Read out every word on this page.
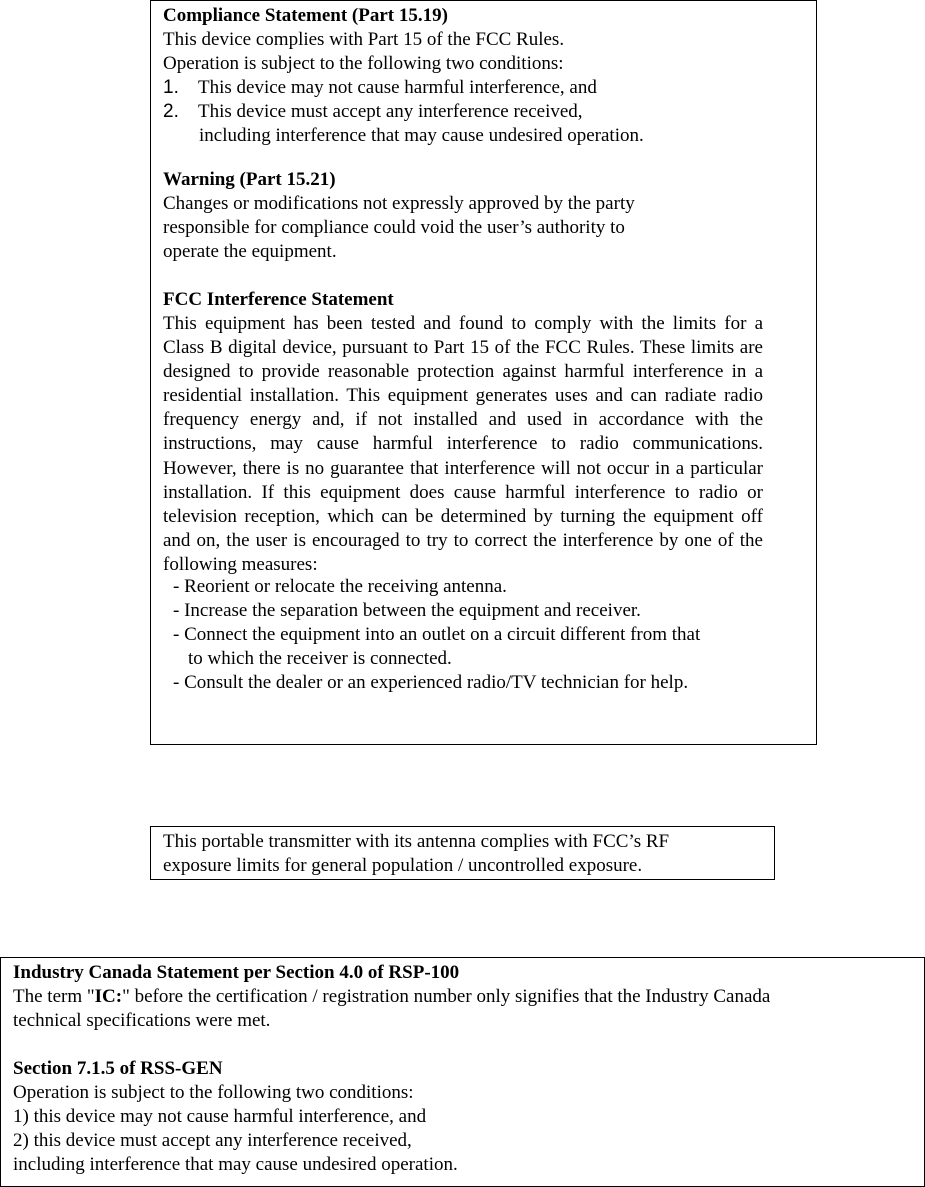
Compliance Statement (Part 15.19)
This device complies with Part 15 of the FCC Rules.
Operation is subject to the following two conditions:
1. This device may not cause harmful interference, and
2. This device must accept any interference received,
including interference that may cause undesired operation.
Warning (Part 15.21)
Changes or modifications not expressly approved by the party
responsible for compliance could void the user’s authority to
operate the equipment.
FCC Interference Statement
This equipment has been tested and found to comply with the limits for a Class B digital device, pursuant to Part 15 of the FCC Rules. These limits are designed to provide reasonable protection against harmful interference in a residential installation. This equipment generates uses and can radiate radio frequency energy and, if not installed and used in accordance with the instructions, may cause harmful interference to radio communications. However, there is no guarantee that interference will not occur in a particular installation. If this equipment does cause harmful interference to radio or television reception, which can be determined by turning the equipment off and on, the user is encouraged to try to correct the interference by one of the following measures:
- Reorient or relocate the receiving antenna.
- Increase the separation between the equipment and receiver.
- Connect the equipment into an outlet on a circuit different from that
to which the receiver is connected.
- Consult the dealer or an experienced radio/TV technician for help.
This portable transmitter with its antenna complies with FCC’s RF
exposure limits for general population / uncontrolled exposure.
Industry Canada Statement per Section 4.0 of RSP-100
The term "IC:" before the certification / registration number only signifies that the Industry Canada
technical specifications were met.
Section 7.1.5 of RSS-GEN
Operation is subject to the following two conditions:
1) this device may not cause harmful interference, and
2) this device must accept any interference received,
including interference that may cause undesired operation.
